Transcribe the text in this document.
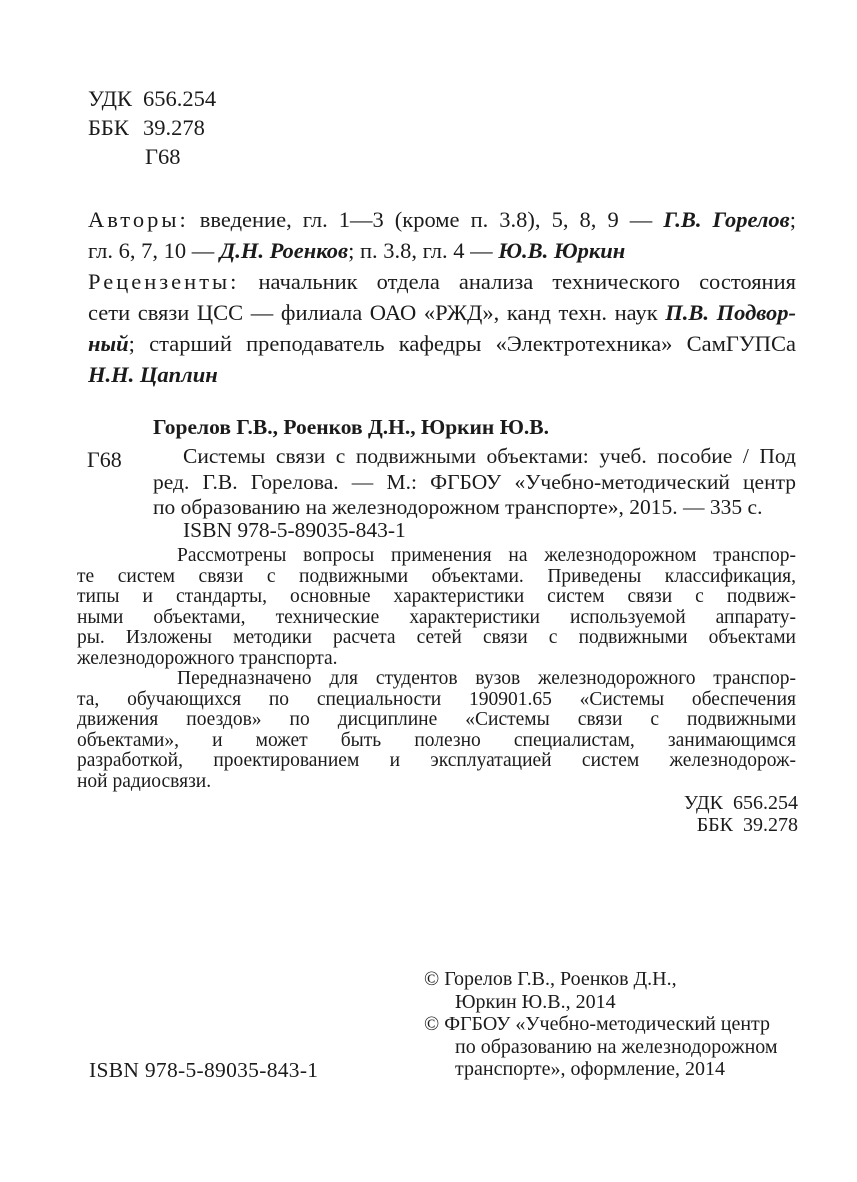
УДК 656.254
ББК 39.278
Г68
Авторы: введение, гл. 1—3 (кроме п. 3.8), 5, 8, 9 — Г.В. Горелов;
гл. 6, 7, 10 — Д.Н. Роенков; п. 3.8, гл. 4 — Ю.В. Юркин
Рецензенты: начальник отдела анализа технического состояния
сети связи ЦСС — филиала ОАО «РЖД», канд техн. наук П.В. Подвор-
ный; старший преподаватель кафедры «Электротехника» СамГУПСа
Н.Н. Цаплин
Горелов Г.В., Роенков Д.Н., Юркин Ю.В.
Г68	Системы связи с подвижными объектами: учеб. пособие / Под
ред. Г.В. Горелова. — М.: ФГБОУ «Учебно-методический центр
по образованию на железнодорожном транспорте», 2015. — 335 с.
ISBN 978-5-89035-843-1
Рассмотрены вопросы применения на железнодорожном транспор-
те систем связи с подвижными объектами. Приведены классификация,
типы и стандарты, основные характеристики систем связи с подвиж-
ными объектами, технические характеристики используемой аппарату-
ры. Изложены методики расчета сетей связи с подвижными объектами
железнодорожного транспорта.
Передназначено для студентов вузов железнодорожного транспор-
та, обучающихся по специальности 190901.65 «Системы обеспечения
движения поездов» по дисциплине «Системы связи с подвижными
объектами», и может быть полезно специалистам, занимающимся
разработкой, проектированием и эксплуатацией систем железнодорож-
ной радиосвязи.
УДК  656.254
ББК  39.278
© Горелов Г.В., Роенков Д.Н.,
Юркин Ю.В., 2014
© ФГБОУ «Учебно-методический центр
по образованию на железнодорожном
транспорте», оформление, 2014
ISBN 978-5-89035-843-1
